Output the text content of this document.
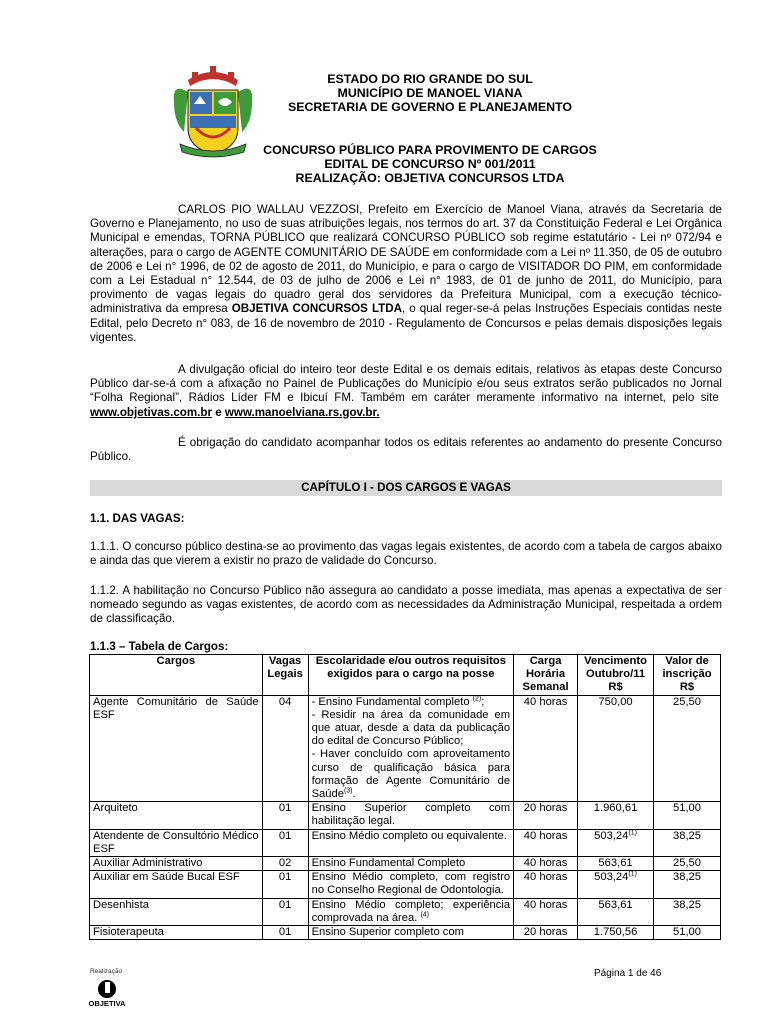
ESTADO DO RIO GRANDE DO SUL
MUNICÍPIO DE MANOEL VIANA
SECRETARIA DE GOVERNO E PLANEJAMENTO
CONCURSO PÚBLICO PARA PROVIMENTO DE CARGOS
EDITAL DE CONCURSO Nº 001/2011
REALIZAÇÃO: OBJETIVA CONCURSOS LTDA
CARLOS PIO WALLAU VEZZOSI, Prefeito em Exercício de Manoel Viana, através da Secretaria de Governo e Planejamento, no uso de suas atribuições legais, nos termos do art. 37 da Constituição Federal e Lei Orgânica Municipal e emendas, TORNA PÚBLICO que realizará CONCURSO PÚBLICO sob regime estatutário - Lei nº 072/94 e alterações, para o cargo de AGENTE COMUNITÁRIO DE SAÚDE em conformidade com a Lei nº 11.350, de 05 de outubro de 2006 e Lei n° 1996, de 02 de agosto de 2011, do Município, e para o cargo de VISITADOR DO PIM, em conformidade com a Lei Estadual n° 12.544, de 03 de julho de 2006 e Lei n° 1983, de 01 de junho de 2011, do Município, para provimento de vagas legais do quadro geral dos servidores da Prefeitura Municipal, com a execução técnico-administrativa da empresa OBJETIVA CONCURSOS LTDA, o qual reger-se-á pelas Instruções Especiais contidas neste Edital, pelo Decreto n° 083, de 16 de novembro de 2010 - Regulamento de Concursos e pelas demais disposições legais vigentes.
A divulgação oficial do inteiro teor deste Edital e os demais editais, relativos às etapas deste Concurso Público dar-se-á com a afixação no Painel de Publicações do Município e/ou seus extratos serão publicados no Jornal “Folha Regional”, Rádios Líder FM e Ibicuí FM. Também em caráter meramente informativo na internet, pelo site  www.objetivas.com.br e www.manoelviana.rs.gov.br.
É obrigação do candidato acompanhar todos os editais referentes ao andamento do presente Concurso Público.
CAPÍTULO I - DOS CARGOS E VAGAS
1.1. DAS VAGAS:
1.1.1. O concurso público destina-se ao provimento das vagas legais existentes, de acordo com a tabela de cargos abaixo e ainda das que vierem a existir no prazo de validade do Concurso.
1.1.2. A habilitação no Concurso Público não assegura ao candidato a posse imediata, mas apenas a expectativa de ser nomeado segundo as vagas existentes, de acordo com as necessidades da Administração Municipal, respeitada a ordem de classificação.
1.1.3 – Tabela de Cargos:
Cargos	Vagas Legais	Escolaridade e/ou outros requisitos exigidos para o cargo na posse	Carga Horária Semanal	Vencimento Outubro/11 R$	Valor de inscrição R$
Agente Comunitário de Saúde ESF	04	- Ensino Fundamental completo $^{(2)}$;
- Residir na área da comunidade em que atuar, desde a data da publicação do edital de Concurso Público;
- Haver concluído com aproveitamento curso de qualificação básica para formação de Agente Comunitário de Saúde$^{(3)}$.	40 horas	750,00	25,50
Arquiteto	01	Ensino Superior completo com habilitação legal.	20 horas	1.960,61	51,00
Atendente de Consultório Médico ESF	01	Ensino Médio completo ou equivalente.	40 horas	503,24$^{(1)}$	38,25
Auxiliar Administrativo	02	Ensino Fundamental Completo	40 horas	563,61	25,50
Auxiliar em Saúde Bucal ESF	01	Ensino Médio completo, com registro no Conselho Regional de Odontologia.	40 horas	503,24$^{(1)}$	38,25
Desenhista	01	Ensino Médio completo; experiência comprovada na área. $^{(4)}$	40 horas	563,61	38,25
Fisioterapeuta	01	Ensino Superior completo com	20 horas	1.750,56	51,00
Realização
OBJETIVA
Página 1 de 46
